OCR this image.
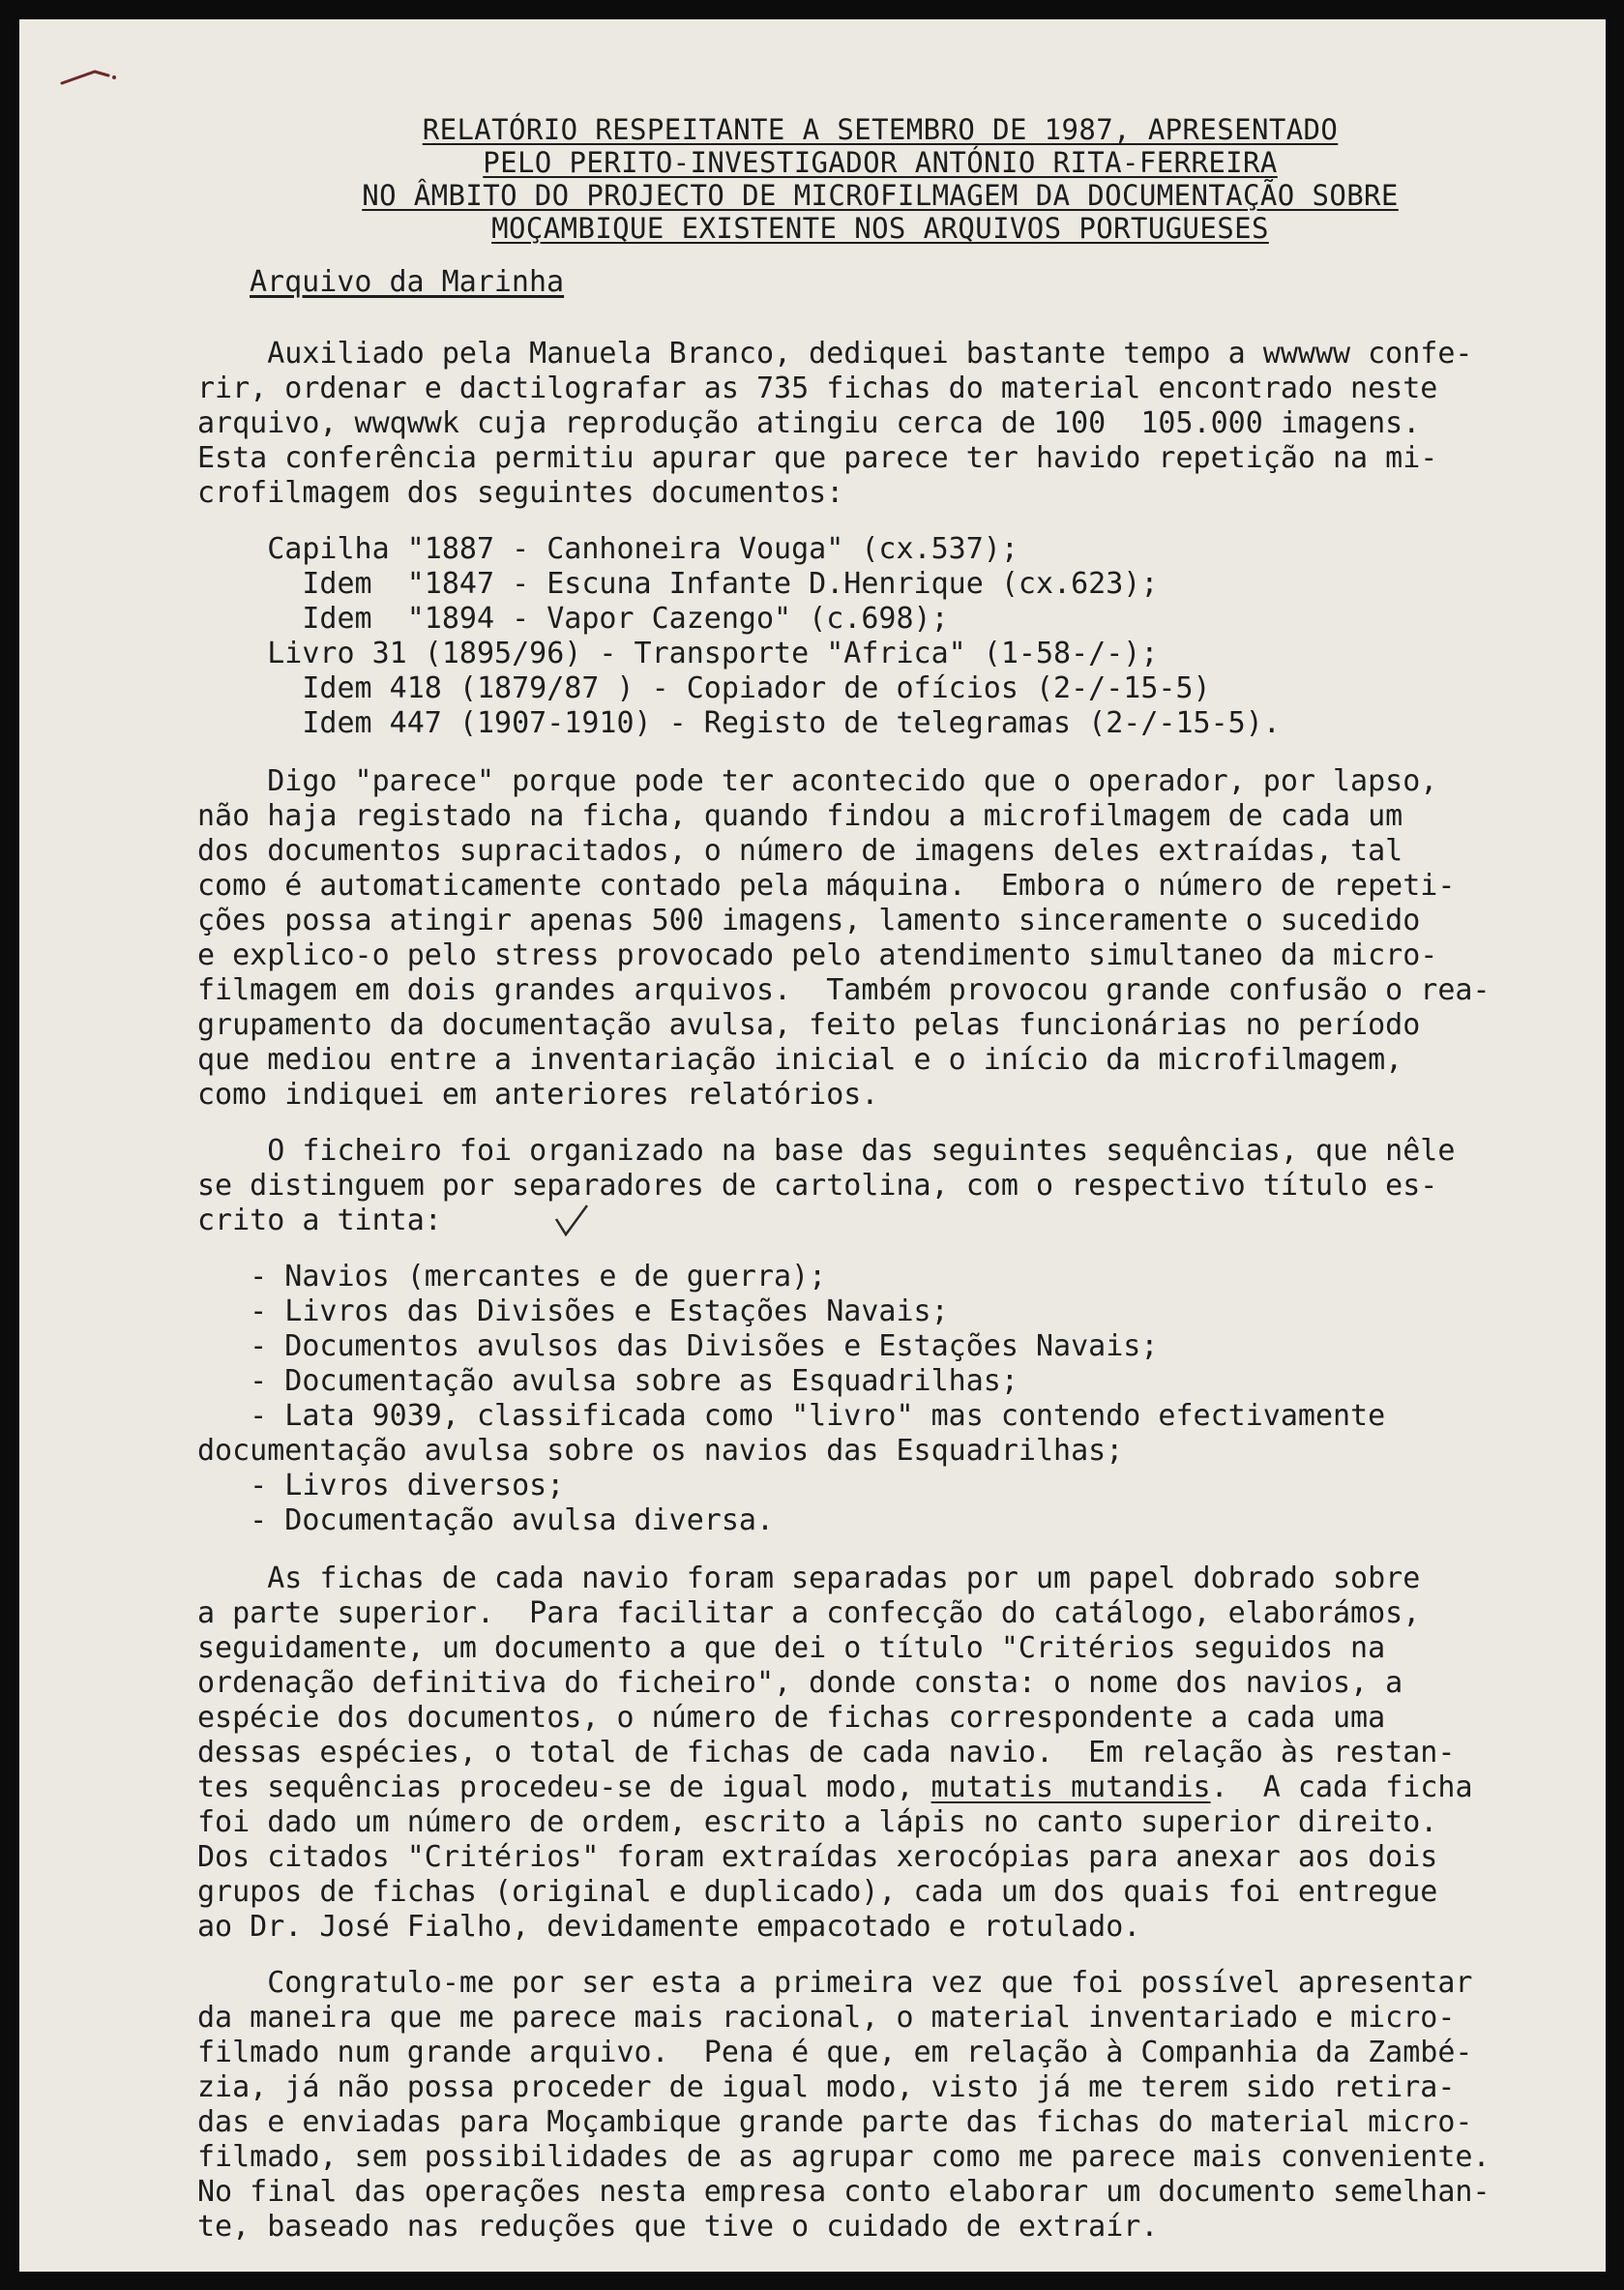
RELATÓRIO RESPEITANTE A SETEMBRO DE 1987, APRESENTADO
PELO PERITO-INVESTIGADOR ANTÓNIO RITA-FERREIRA
NO ÂMBITO DO PROJECTO DE MICROFILMAGEM DA DOCUMENTAÇÃO SOBRE
MOÇAMBIQUE EXISTENTE NOS ARQUIVOS PORTUGUESES
Arquivo da Marinha
Auxiliado pela Manuela Branco, dediquei bastante tempo a wwwww confe-
rir, ordenar e dactilografar as 735 fichas do material encontrado neste
arquivo, wwqwwk cuja reprodução atingiu cerca de 100  105.000 imagens.
Esta conferência permitiu apurar que parece ter havido repetição na mi-
crofilmagem dos seguintes documentos:
Capilha "1887 - Canhoneira Vouga" (cx.537);
Idem  "1847 - Escuna Infante D.Henrique (cx.623);
Idem  "1894 - Vapor Cazengo" (c.698);
Livro 31 (1895/96) - Transporte "Africa" (1-58-/-);
Idem 418 (1879/87 ) - Copiador de ofícios (2-/-15-5)
Idem 447 (1907-1910) - Registo de telegramas (2-/-15-5).
Digo "parece" porque pode ter acontecido que o operador, por lapso,
não haja registado na ficha, quando findou a microfilmagem de cada um
dos documentos supracitados, o número de imagens deles extraídas, tal
como é automaticamente contado pela máquina.  Embora o número de repeti-
ções possa atingir apenas 500 imagens, lamento sinceramente o sucedido
e explico-o pelo stress provocado pelo atendimento simultaneo da micro-
filmagem em dois grandes arquivos.  Também provocou grande confusão o rea-
grupamento da documentação avulsa, feito pelas funcionárias no período
que mediou entre a inventariação inicial e o início da microfilmagem,
como indiquei em anteriores relatórios.
O ficheiro foi organizado na base das seguintes sequências, que nêle
se distinguem por separadores de cartolina, com o respectivo título es-
crito a tinta:
- Navios (mercantes e de guerra);
- Livros das Divisões e Estações Navais;
- Documentos avulsos das Divisões e Estações Navais;
- Documentação avulsa sobre as Esquadrilhas;
- Lata 9039, classificada como "livro" mas contendo efectivamente
documentação avulsa sobre os navios das Esquadrilhas;
- Livros diversos;
- Documentação avulsa diversa.
As fichas de cada navio foram separadas por um papel dobrado sobre
a parte superior.  Para facilitar a confecção do catálogo, elaborámos,
seguidamente, um documento a que dei o título "Critérios seguidos na
ordenação definitiva do ficheiro", donde consta: o nome dos navios, a
espécie dos documentos, o número de fichas correspondente a cada uma
dessas espécies, o total de fichas de cada navio.  Em relação às restan-
tes sequências procedeu-se de igual modo, mutatis mutandis.  A cada ficha
foi dado um número de ordem, escrito a lápis no canto superior direito.
Dos citados "Critérios" foram extraídas xerocópias para anexar aos dois
grupos de fichas (original e duplicado), cada um dos quais foi entregue
ao Dr. José Fialho, devidamente empacotado e rotulado.
Congratulo-me por ser esta a primeira vez que foi possível apresentar
da maneira que me parece mais racional, o material inventariado e micro-
filmado num grande arquivo.  Pena é que, em relação à Companhia da Zambé-
zia, já não possa proceder de igual modo, visto já me terem sido retira-
das e enviadas para Moçambique grande parte das fichas do material micro-
filmado, sem possibilidades de as agrupar como me parece mais conveniente.
No final das operações nesta empresa conto elaborar um documento semelhan-
te, baseado nas reduções que tive o cuidado de extraír.
